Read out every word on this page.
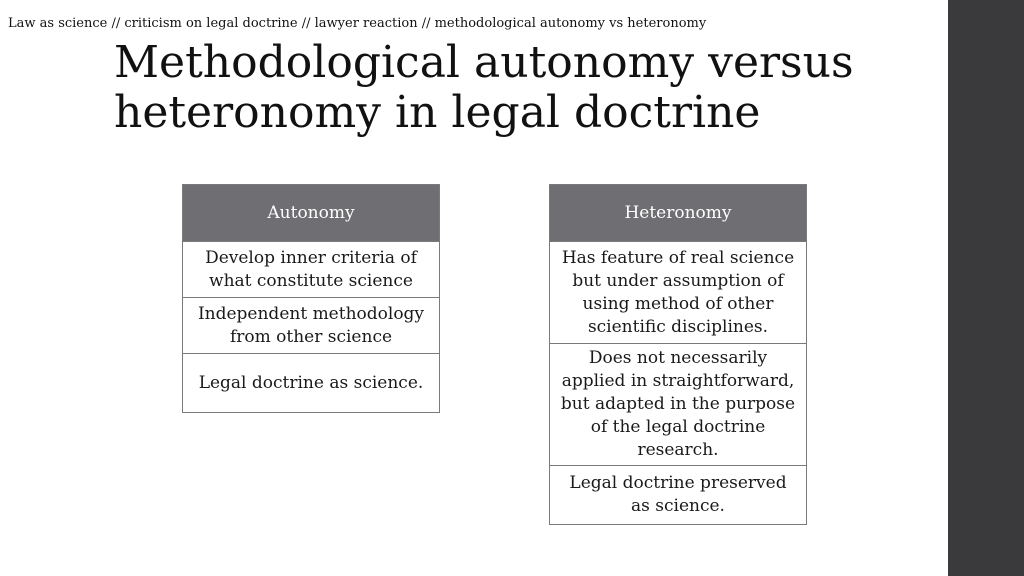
Law as science // criticism on legal doctrine // lawyer reaction // methodological autonomy vs heteronomy
Methodological autonomy versus
heteronomy in legal doctrine
Autonomy
Develop inner criteria of what constitute science
Independent methodology from other science
Legal doctrine as science.
Heteronomy
Has feature of real science but under assumption of using method of other scientific disciplines.
Does not necessarily applied in straightforward, but adapted in the purpose of the legal doctrine research.
Legal doctrine preserved as science.
